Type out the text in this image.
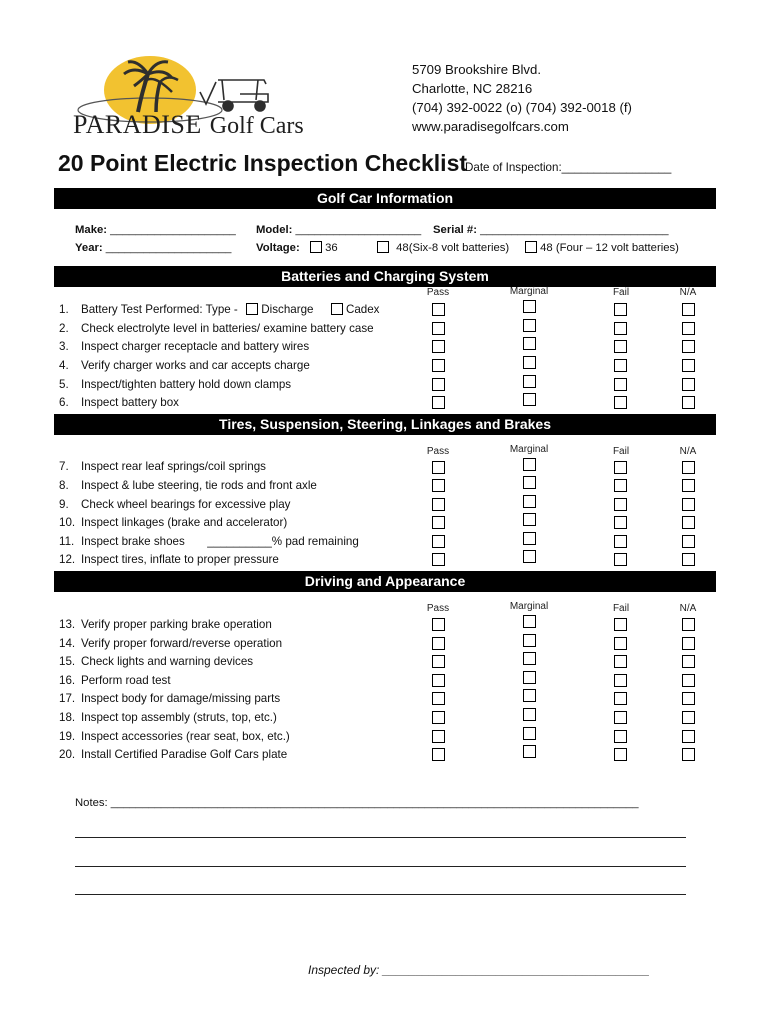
PARADISE Golf Cars
5709 Brookshire Blvd.
Charlotte, NC 28216
(704) 392-0022 (o) (704) 392-0018 (f)
www.paradisegolfcars.com
20 Point Electric Inspection Checklist
Date of Inspection:_________________
Golf Car Information
Make: ____________________ Model: ____________________ Serial #: ______________________________
Year: ____________________ Voltage:	36	48(Six-8 volt batteries)	48 (Four – 12 volt batteries)
Batteries and Charging System
Pass	Marginal	Fail	N/A
1. Battery Test Performed: Type - Discharge	Cadex
2. Check electrolyte level in batteries/ examine battery case
3. Inspect charger receptacle and battery wires
4. Verify charger works and car accepts charge
5. Inspect/tighten battery hold down clamps
6. Inspect battery box
Tires, Suspension, Steering, Linkages and Brakes
Pass	Marginal	Fail	N/A
7. Inspect rear leaf springs/coil springs
8. Inspect & lube steering, tie rods and front axle
9. Check wheel bearings for excessive play
10. Inspect linkages (brake and accelerator)
11. Inspect brake shoes       __________% pad remaining
12. Inspect tires, inflate to proper pressure
Driving and Appearance
Pass	Marginal	Fail	N/A
13. Verify proper parking brake operation
14. Verify proper forward/reverse operation
15. Check lights and warning devices
16. Perform road test
17. Inspect body for damage/missing parts
18. Inspect top assembly (struts, top, etc.)
19. Inspect accessories (rear seat, box, etc.)
20. Install Certified Paradise Golf Cars plate
Notes: ____________________________________________________________________________________
Inspected by: ________________________________________
